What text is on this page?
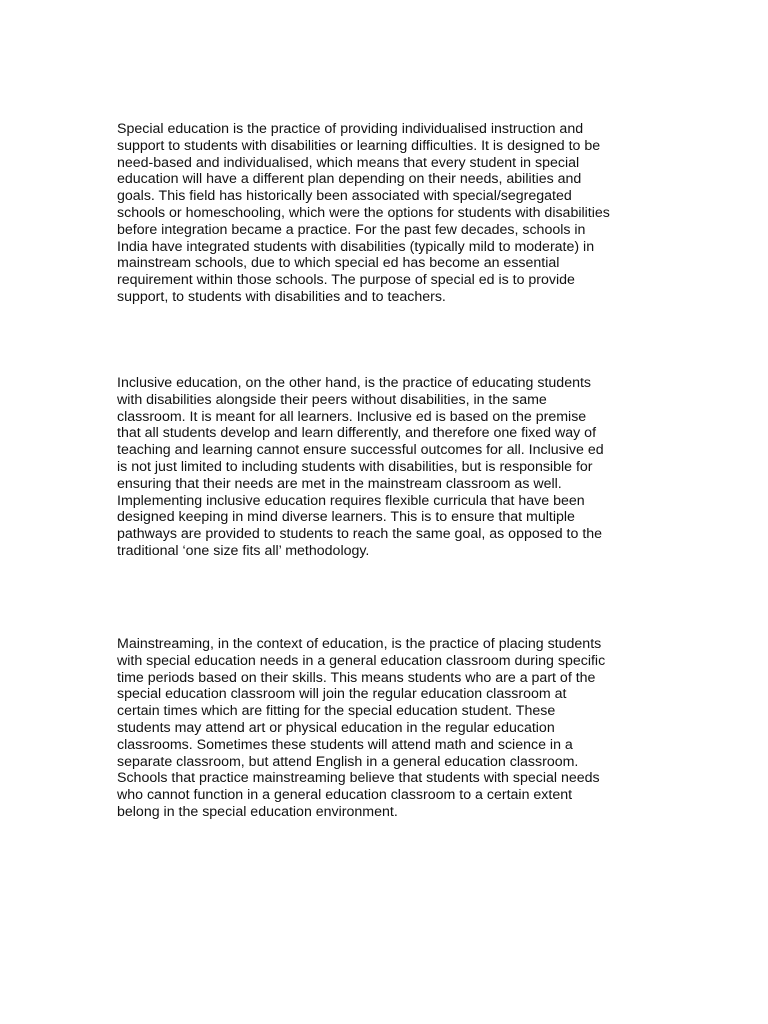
Special education is the practice of providing individualised instruction and
support to students with disabilities or learning difficulties. It is designed to be
need-based and individualised, which means that every student in special
education will have a different plan depending on their needs, abilities and
goals. This field has historically been associated with special/segregated
schools or homeschooling, which were the options for students with disabilities
before integration became a practice. For the past few decades, schools in
India have integrated students with disabilities (typically mild to moderate) in
mainstream schools, due to which special ed has become an essential
requirement within those schools. The purpose of special ed is to provide
support, to students with disabilities and to teachers.

Inclusive education, on the other hand, is the practice of educating students
with disabilities alongside their peers without disabilities, in the same
classroom. It is meant for all learners. Inclusive ed is based on the premise
that all students develop and learn differently, and therefore one fixed way of
teaching and learning cannot ensure successful outcomes for all. Inclusive ed
is not just limited to including students with disabilities, but is responsible for
ensuring that their needs are met in the mainstream classroom as well.
Implementing inclusive education requires flexible curricula that have been
designed keeping in mind diverse learners. This is to ensure that multiple
pathways are provided to students to reach the same goal, as opposed to the
traditional ‘one size fits all’ methodology.

Mainstreaming, in the context of education, is the practice of placing students
with special education needs in a general education classroom during specific
time periods based on their skills. This means students who are a part of the
special education classroom will join the regular education classroom at
certain times which are fitting for the special education student. These
students may attend art or physical education in the regular education
classrooms. Sometimes these students will attend math and science in a
separate classroom, but attend English in a general education classroom.
Schools that practice mainstreaming believe that students with special needs
who cannot function in a general education classroom to a certain extent
belong in the special education environment.
